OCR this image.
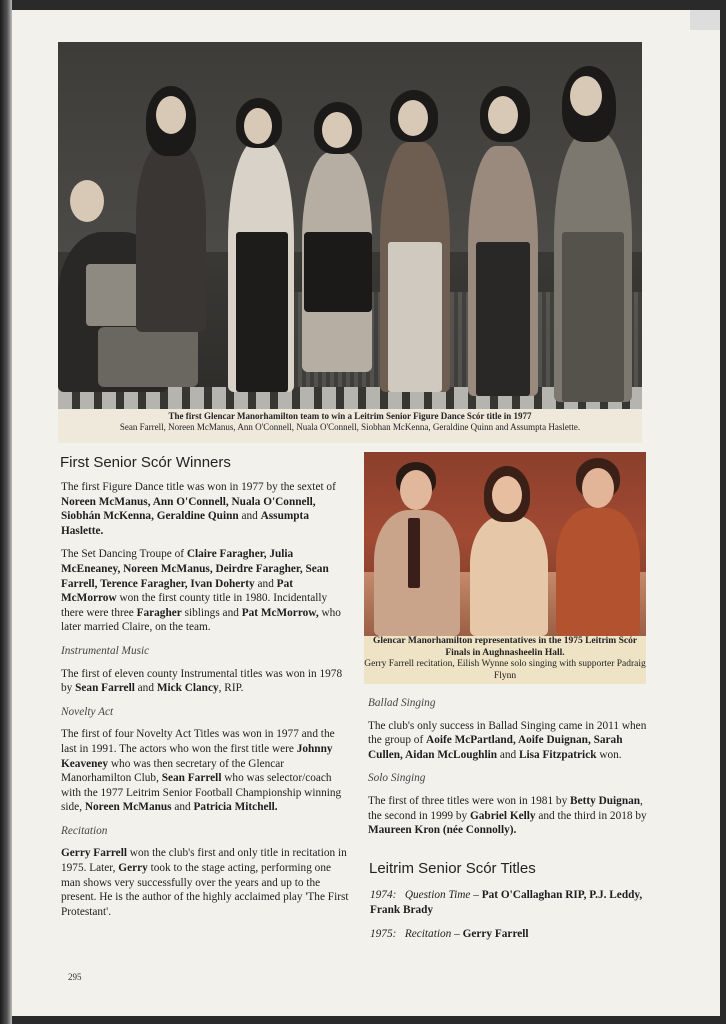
The first Glencar Manorhamilton team to win a Leitrim Senior Figure Dance Scór title in 1977
Sean Farrell, Noreen McManus, Ann O'Connell, Nuala O'Connell, Siobhan McKenna, Geraldine Quinn and Assumpta Haslette.
First Senior Scór Winners

The first Figure Dance title was won in 1977 by the sextet of Noreen McManus, Ann O'Connell, Nuala O'Connell, Siobhán McKenna, Geraldine Quinn and Assumpta Haslette.

The Set Dancing Troupe of Claire Faragher, Julia McEneaney, Noreen McManus, Deirdre Faragher, Sean Farrell, Terence Faragher, Ivan Doherty and Pat McMorrow won the first county title in 1980. Incidentally there were three Faragher siblings and Pat McMorrow, who later married Claire, on the team.

Instrumental Music

The first of eleven county Instrumental titles was won in 1978 by Sean Farrell and Mick Clancy, RIP.

Novelty Act

The first of four Novelty Act Titles was won in 1977 and the last in 1991. The actors who won the first title were Johnny Keaveney who was then secretary of the Glencar Manorhamilton Club, Sean Farrell who was selector/coach with the 1977 Leitrim Senior Football Championship winning side, Noreen McManus and Patricia Mitchell.

Recitation

Gerry Farrell won the club's first and only title in recitation in 1975. Later, Gerry took to the stage acting, performing one man shows very successfully over the years and up to the present. He is the author of the highly acclaimed play 'The First Protestant'.

Glencar Manorhamilton representatives in the 1975 Leitrim Scór Finals in Aughnasheelin Hall.
Gerry Farrell recitation, Eilish Wynne solo singing with supporter Padraig Flynn

Ballad Singing

The club's only success in Ballad Singing came in 2011 when the group of Aoife McPartland, Aoife Duignan, Sarah Cullen, Aidan McLoughlin and Lisa Fitzpatrick won.

Solo Singing

The first of three titles were won in 1981 by Betty Duignan, the second in 1999 by Gabriel Kelly and the third in 2018 by Maureen Kron (née Connolly).

Leitrim Senior Scór Titles

1974: Question Time – Pat O'Callaghan RIP, P.J. Leddy, Frank Brady

1975: Recitation – Gerry Farrell

295
